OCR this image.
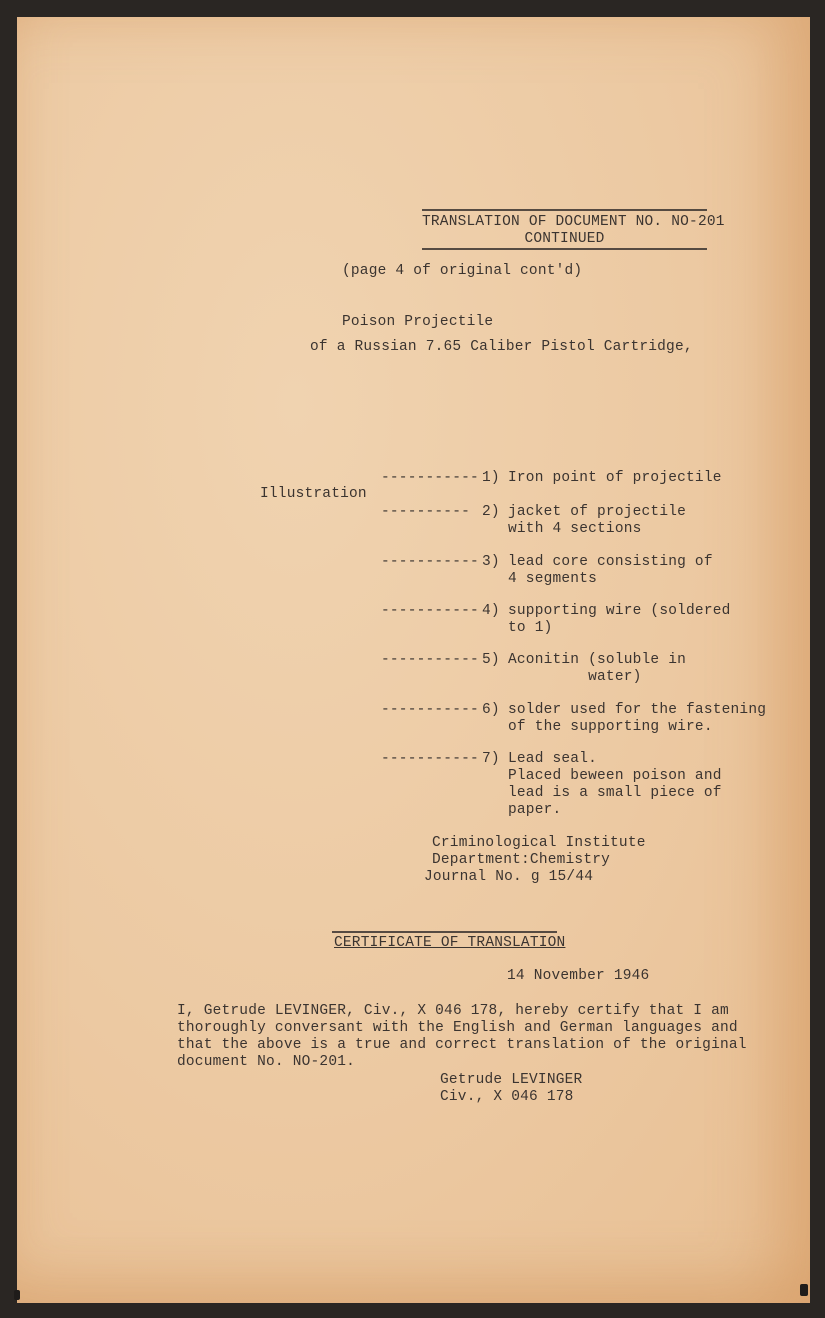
TRANSLATION OF DOCUMENT NO. NO-201
CONTINUED
(page 4 of original cont'd)
Poison Projectile
of a Russian 7.65 Caliber Pistol Cartridge,
Illustration
----------- 1) Iron point of projectile
---------- 2) jacket of projectile
with 4 sections
----------- 3) lead core consisting of
4 segments
----------- 4) supporting wire (soldered
to 1)
----------- 5) Aconitin (soluble in
water)
----------- 6) solder used for the fastening
of the supporting wire.
----------- 7) Lead seal.
Placed beween poison and
lead is a small piece of
paper.
Criminological Institute
Department:Chemistry
Journal No. g 15/44
CERTIFICATE OF TRANSLATION
14 November 1946
I, Getrude LEVINGER, Civ., X 046 178, hereby certify that I am
thoroughly conversant with the English and German languages and
that the above is a true and correct translation of the original
document No. NO-201.
Getrude LEVINGER
Civ., X 046 178
